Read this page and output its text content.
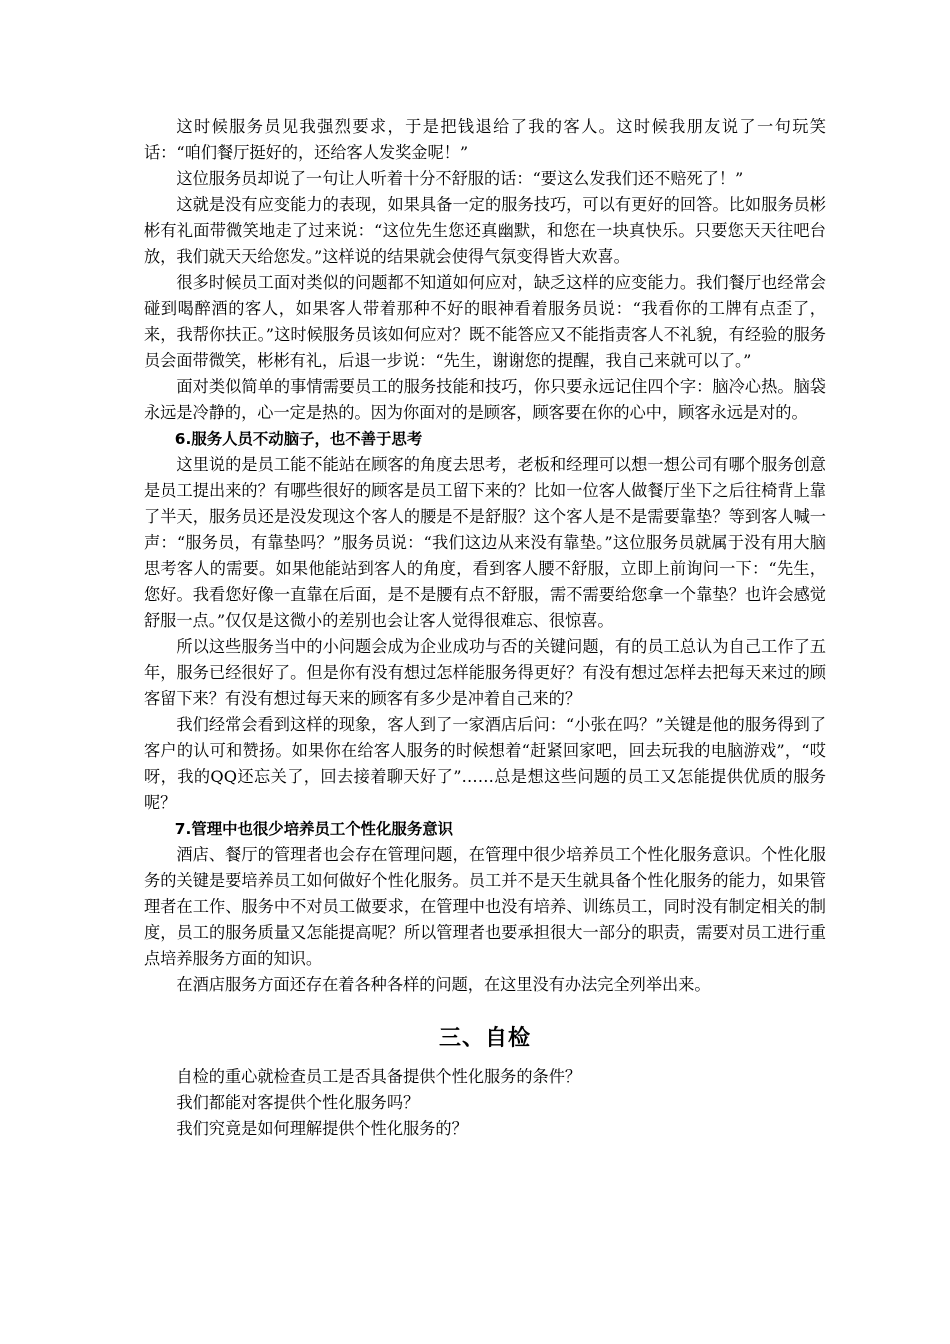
这时候服务员见我强烈要求，于是把钱退给了我的客人。这时候我朋友说了一句玩笑话：“咱们餐厅挺好的，还给客人发奖金呢！”

这位服务员却说了一句让人听着十分不舒服的话：“要这么发我们还不赔死了！”

这就是没有应变能力的表现，如果具备一定的服务技巧，可以有更好的回答。比如服务员彬彬有礼面带微笑地走了过来说：“这位先生您还真幽默，和您在一块真快乐。只要您天天往吧台放，我们就天天给您发。”这样说的结果就会使得气氛变得皆大欢喜。

很多时候员工面对类似的问题都不知道如何应对，缺乏这样的应变能力。我们餐厅也经常会碰到喝醉酒的客人，如果客人带着那种不好的眼神看着服务员说：“我看你的工牌有点歪了，来，我帮你扶正。”这时候服务员该如何应对？既不能答应又不能指责客人不礼貌，有经验的服务员会面带微笑，彬彬有礼，后退一步说：“先生，谢谢您的提醒，我自己来就可以了。”

面对类似简单的事情需要员工的服务技能和技巧，你只要永远记住四个字：脑冷心热。脑袋永远是冷静的，心一定是热的。因为你面对的是顾客，顾客要在你的心中，顾客永远是对的。

6.服务人员不动脑子，也不善于思考

这里说的是员工能不能站在顾客的角度去思考，老板和经理可以想一想公司有哪个服务创意是员工提出来的？有哪些很好的顾客是员工留下来的？比如一位客人做餐厅坐下之后往椅背上靠了半天，服务员还是没发现这个客人的腰是不是舒服？这个客人是不是需要靠垫？等到客人喊一声：“服务员，有靠垫吗？”服务员说：“我们这边从来没有靠垫。”这位服务员就属于没有用大脑思考客人的需要。如果他能站到客人的角度，看到客人腰不舒服，立即上前询问一下：“先生，您好。我看您好像一直靠在后面，是不是腰有点不舒服，需不需要给您拿一个靠垫？也许会感觉舒服一点。”仅仅是这微小的差别也会让客人觉得很难忘、很惊喜。

所以这些服务当中的小问题会成为企业成功与否的关键问题，有的员工总认为自己工作了五年，服务已经很好了。但是你有没有想过怎样能服务得更好？有没有想过怎样去把每天来过的顾客留下来？有没有想过每天来的顾客有多少是冲着自己来的？

我们经常会看到这样的现象，客人到了一家酒店后问：“小张在吗？”关键是他的服务得到了客户的认可和赞扬。如果你在给客人服务的时候想着“赶紧回家吧，回去玩我的电脑游戏”，“哎呀，我的QQ还忘关了，回去接着聊天好了”……总是想这些问题的员工又怎能提供优质的服务呢？

7.管理中也很少培养员工个性化服务意识

酒店、餐厅的管理者也会存在管理问题，在管理中很少培养员工个性化服务意识。个性化服务的关键是要培养员工如何做好个性化服务。员工并不是天生就具备个性化服务的能力，如果管理者在工作、服务中不对员工做要求，在管理中也没有培养、训练员工，同时没有制定相关的制度，员工的服务质量又怎能提高呢？所以管理者也要承担很大一部分的职责，需要对员工进行重点培养服务方面的知识。

在酒店服务方面还存在着各种各样的问题，在这里没有办法完全列举出来。

三、自检

自检的重心就检查员工是否具备提供个性化服务的条件？

我们都能对客提供个性化服务吗？

我们究竟是如何理解提供个性化服务的？
